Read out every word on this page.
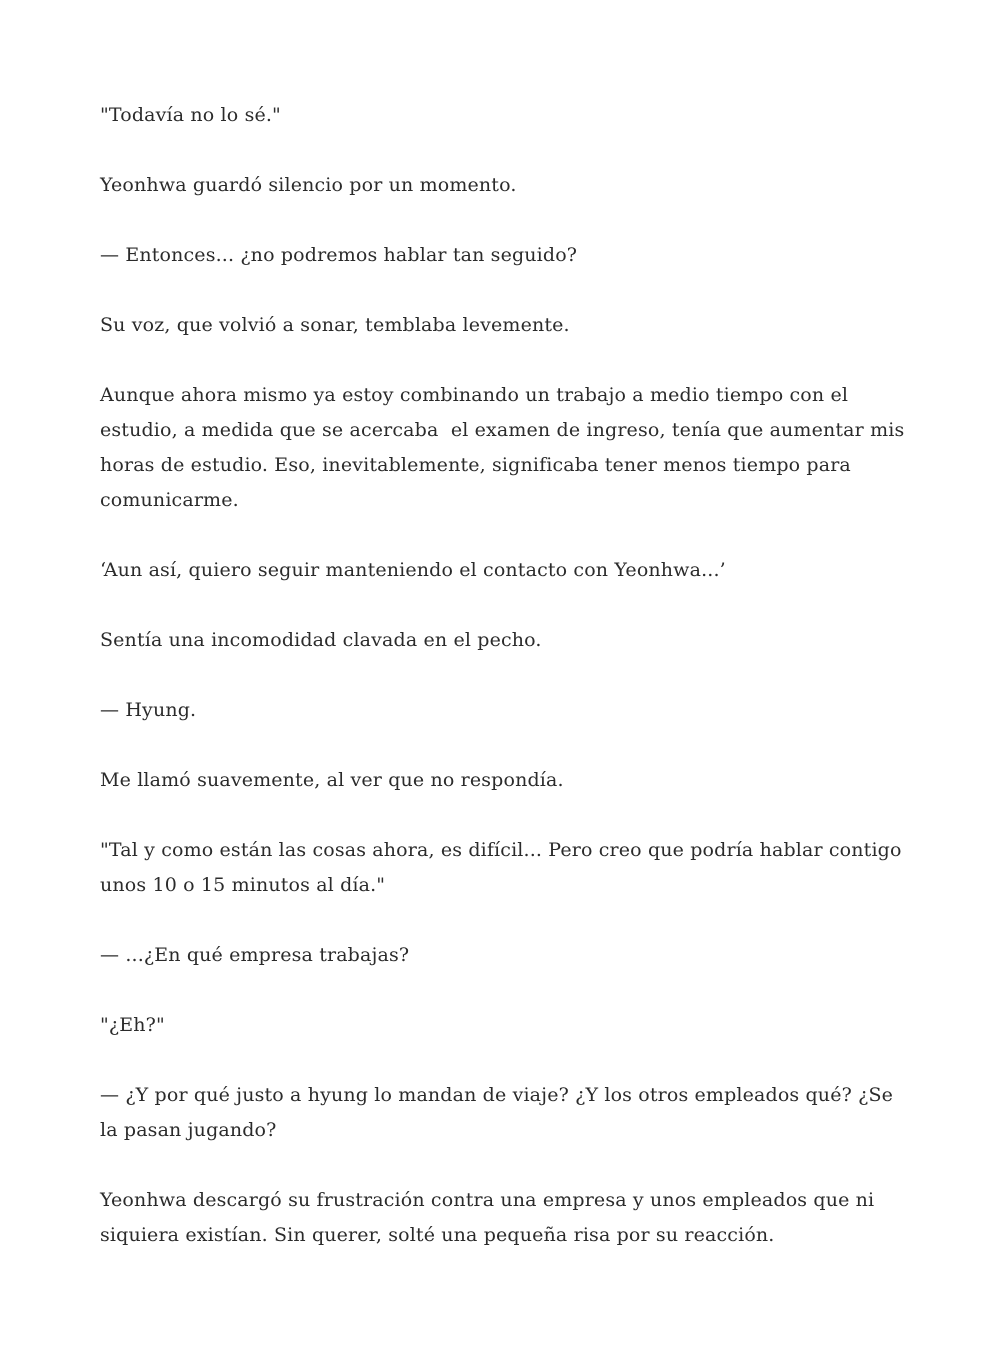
"Todavía no lo sé."

Yeonhwa guardó silencio por un momento.

— Entonces... ¿no podremos hablar tan seguido?

Su voz, que volvió a sonar, temblaba levemente.

Aunque ahora mismo ya estoy combinando un trabajo a medio tiempo con el estudio, a medida que se acercaba  el examen de ingreso, tenía que aumentar mis horas de estudio. Eso, inevitablemente, significaba tener menos tiempo para comunicarme.

‘Aun así, quiero seguir manteniendo el contacto con Yeonhwa...’

Sentía una incomodidad clavada en el pecho.

— Hyung.

Me llamó suavemente, al ver que no respondía.

"Tal y como están las cosas ahora, es difícil... Pero creo que podría hablar contigo unos 10 o 15 minutos al día."

— ...¿En qué empresa trabajas?

"¿Eh?"

— ¿Y por qué justo a hyung lo mandan de viaje? ¿Y los otros empleados qué? ¿Se la pasan jugando?

Yeonhwa descargó su frustración contra una empresa y unos empleados que ni siquiera existían. Sin querer, solté una pequeña risa por su reacción.
